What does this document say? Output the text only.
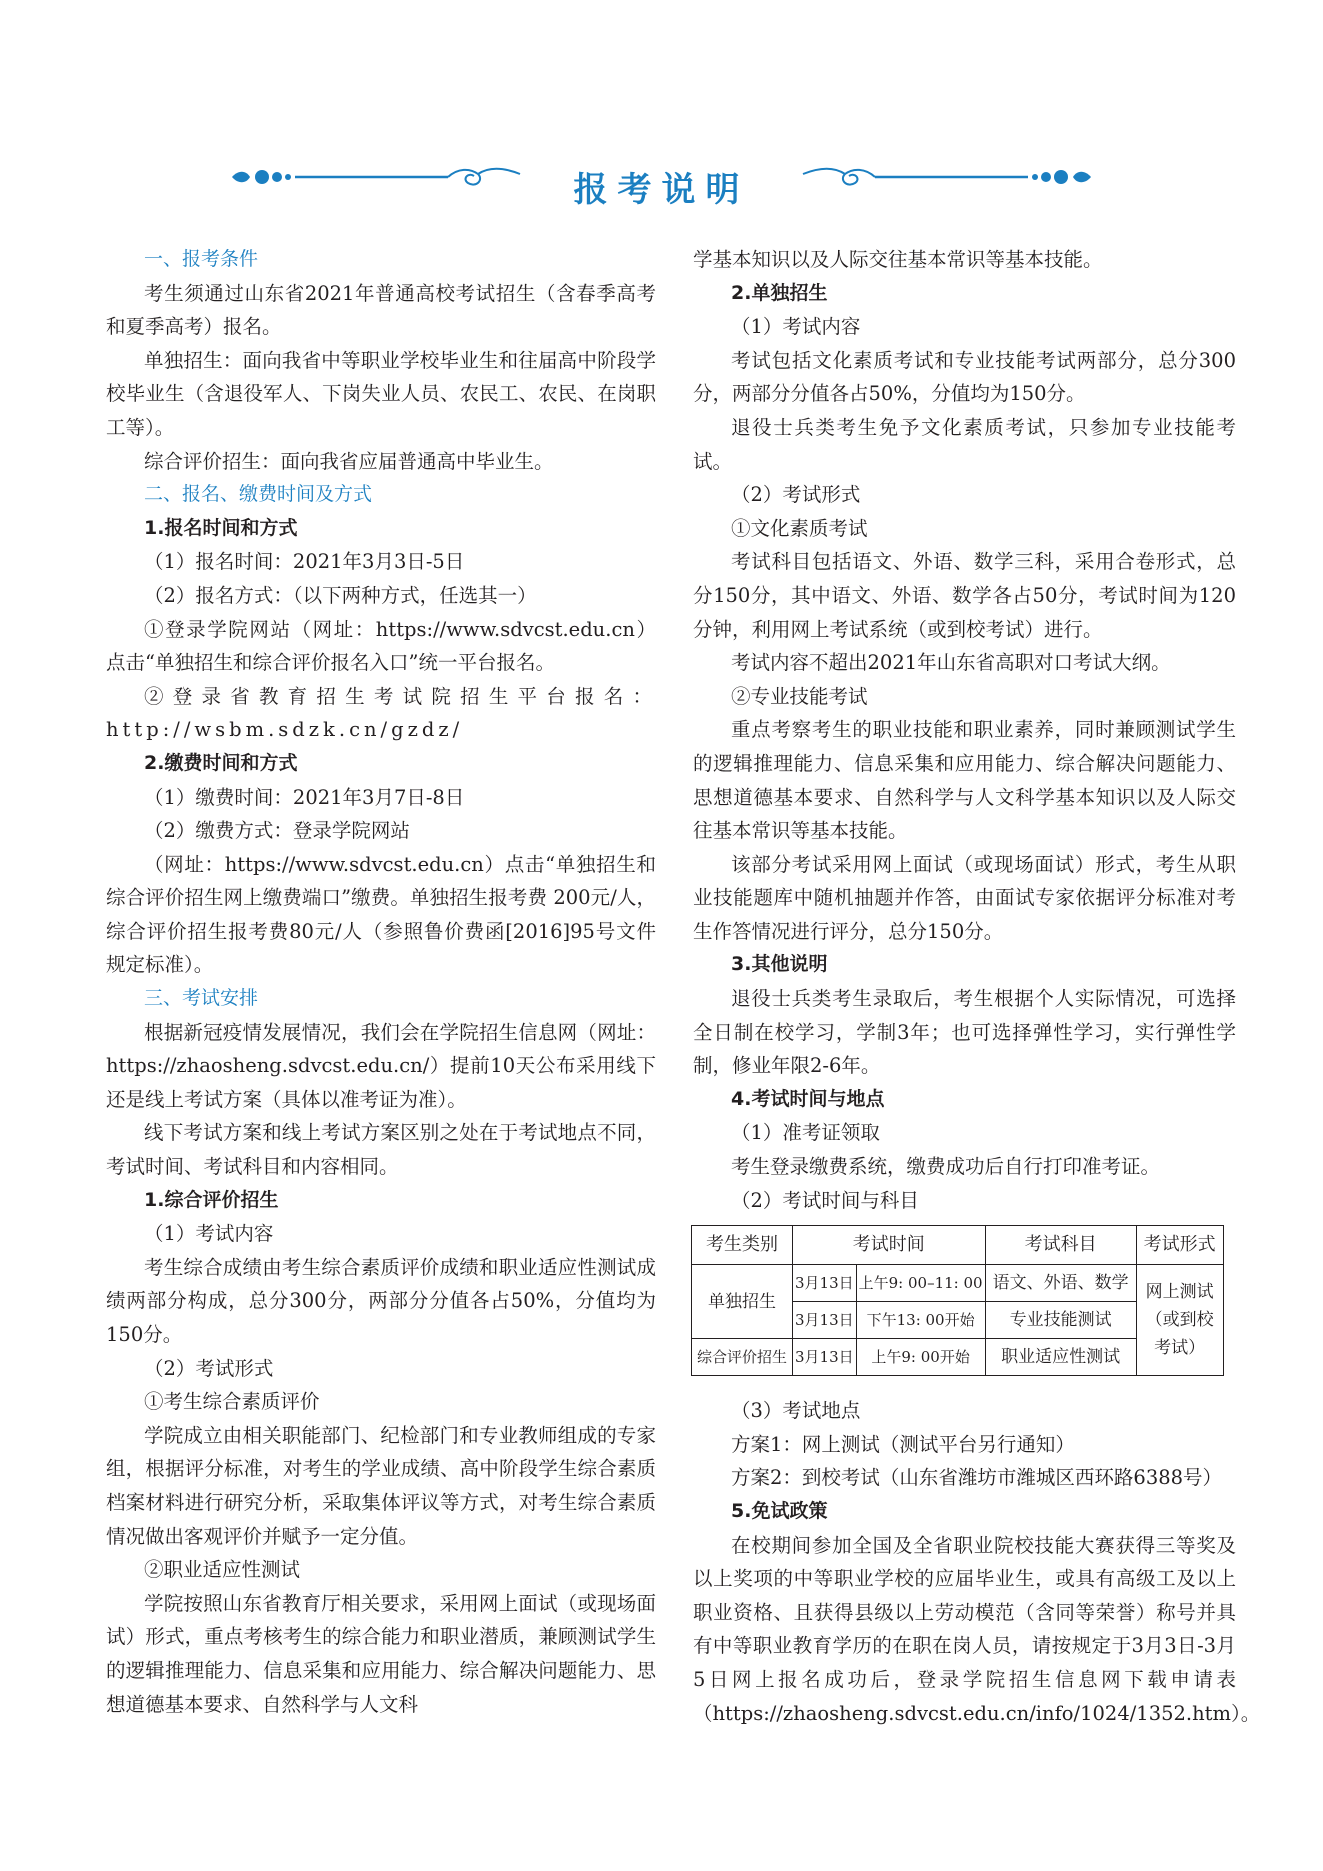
报考说明

一、报考条件

考生须通过山东省2021年普通高校考试招生（含春季高考和夏季高考）报名。

单独招生：面向我省中等职业学校毕业生和往届高中阶段学校毕业生（含退役军人、下岗失业人员、农民工、农民、在岗职工等）。

综合评价招生：面向我省应届普通高中毕业生。

二、报名、缴费时间及方式

1.报名时间和方式

（1）报名时间：2021年3月3日-5日

（2）报名方式：（以下两种方式，任选其一）

①登录学院网站（网址：https://www.sdvcst.edu.cn）点击“单独招生和综合评价报名入口”统一平台报名。

②登录省教育招生考试院招生平台报名：http://wsbm.sdzk.cn/gzdz/

2.缴费时间和方式

（1）缴费时间：2021年3月7日-8日

（2）缴费方式：登录学院网站

（网址：https://www.sdvcst.edu.cn）点击“单独招生和综合评价招生网上缴费端口”缴费。单独招生报考费 200元/人，综合评价招生报考费80元/人（参照鲁价费函[2016]95号文件规定标准）。

三、考试安排

根据新冠疫情发展情况，我们会在学院招生信息网（网址：https://zhaosheng.sdvcst.edu.cn/）提前10天公布采用线下还是线上考试方案（具体以准考证为准）。

线下考试方案和线上考试方案区别之处在于考试地点不同，考试时间、考试科目和内容相同。

1.综合评价招生

（1）考试内容

考生综合成绩由考生综合素质评价成绩和职业适应性测试成绩两部分构成，总分300分，两部分分值各占50%，分值均为150分。

（2）考试形式

①考生综合素质评价

学院成立由相关职能部门、纪检部门和专业教师组成的专家组，根据评分标准，对考生的学业成绩、高中阶段学生综合素质档案材料进行研究分析，采取集体评议等方式，对考生综合素质情况做出客观评价并赋予一定分值。

②职业适应性测试

学院按照山东省教育厅相关要求，采用网上面试（或现场面试）形式，重点考核考生的综合能力和职业潜质，兼顾测试学生的逻辑推理能力、信息采集和应用能力、综合解决问题能力、思想道德基本要求、自然科学与人文科

学基本知识以及人际交往基本常识等基本技能。

2.单独招生

（1）考试内容

考试包括文化素质考试和专业技能考试两部分，总分300分，两部分分值各占50%，分值均为150分。

退役士兵类考生免予文化素质考试，只参加专业技能考试。

（2）考试形式

①文化素质考试

考试科目包括语文、外语、数学三科，采用合卷形式，总分150分，其中语文、外语、数学各占50分，考试时间为120分钟，利用网上考试系统（或到校考试）进行。

考试内容不超出2021年山东省高职对口考试大纲。

②专业技能考试

重点考察考生的职业技能和职业素养，同时兼顾测试学生的逻辑推理能力、信息采集和应用能力、综合解决问题能力、思想道德基本要求、自然科学与人文科学基本知识以及人际交往基本常识等基本技能。

该部分考试采用网上面试（或现场面试）形式，考生从职业技能题库中随机抽题并作答，由面试专家依据评分标准对考生作答情况进行评分，总分150分。

3.其他说明

退役士兵类考生录取后，考生根据个人实际情况，可选择全日制在校学习，学制3年；也可选择弹性学习，实行弹性学制，修业年限2-6年。

4.考试时间与地点

（1）准考证领取

考生登录缴费系统，缴费成功后自行打印准考证。

（2）考试时间与科目

考生类别	考试时间		考试科目	考试形式
单独招生	3月13日	上午9: 00–11: 00	语文、外语、数学	网上测试
（或到校
考试）
	3月13日	下午13: 00开始	专业技能测试	
综合评价招生	3月13日	上午9: 00开始	职业适应性测试	

（3）考试地点

方案1：网上测试（测试平台另行通知）

方案2：到校考试（山东省潍坊市潍城区西环路6388号）

5.免试政策

在校期间参加全国及全省职业院校技能大赛获得三等奖及以上奖项的中等职业学校的应届毕业生，或具有高级工及以上职业资格、且获得县级以上劳动模范（含同等荣誉）称号并具有中等职业教育学历的在职在岗人员，请按规定于3月3日-3月5日网上报名成功后，登录学院招生信息网下载申请表（https://zhaosheng.sdvcst.edu.cn/info/1024/1352.htm）。
